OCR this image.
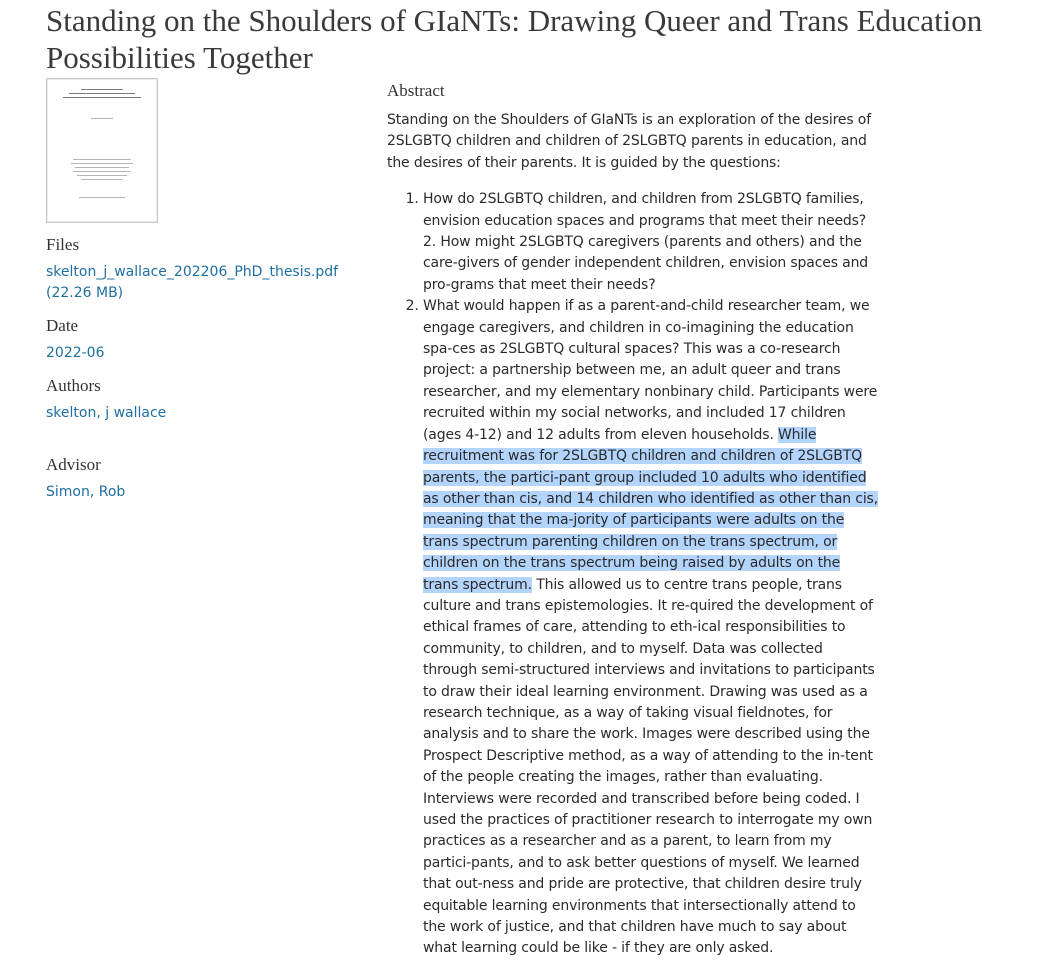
Standing on the Shoulders of GIaNTs: Drawing Queer and Trans Education Possibilities Together
Files
skelton_j_wallace_202206_PhD_thesis.pdf
(22.26 MB)
Date
2022-06
Authors
skelton, j wallace
Advisor
Simon, Rob
Abstract

Standing on the Shoulders of GIaNTs is an exploration of the desires of 2SLGBTQ children and children of 2SLGBTQ parents in education, and the desires of their parents. It is guided by the questions:

1. How do 2SLGBTQ children, and children from 2SLGBTQ families, envision education spaces and programs that meet their needs?2. How might 2SLGBTQ caregivers (parents and others) and the care-givers of gender independent children, envision spaces and pro-grams that meet their needs?
2. What would happen if as a parent-and-child researcher team, we engage caregivers, and children in co-imagining the education spa-ces as 2SLGBTQ cultural spaces? This was a co-research project: a partnership between me, an adult queer and trans researcher, and my elementary nonbinary child. Participants were recruited within my social networks, and included 17 children (ages 4-12) and 12 adults from eleven households. While recruitment was for 2SLGBTQ children and children of 2SLGBTQ parents, the partici-pant group included 10 adults who identified as other than cis, and 14 children who identified as other than cis, meaning that the ma-jority of participants were adults on the trans spectrum parenting children on the trans spectrum, or children on the trans spectrum being raised by adults on the trans spectrum. This allowed us to centre trans people, trans culture and trans epistemologies. It re-quired the development of ethical frames of care, attending to eth-ical responsibilities to community, to children, and to myself. Data was collected through semi-structured interviews and invitations to participants to draw their ideal learning environment. Drawing was used as a research technique, as a way of taking visual fieldnotes, for analysis and to share the work. Images were described using the Prospect Descriptive method, as a way of attending to the in-tent of the people creating the images, rather than evaluating. Interviews were recorded and transcribed before being coded. I used the practices of practitioner research to interrogate my own practices as a researcher and as a parent, to learn from my partici-pants, and to ask better questions of myself. We learned that out-ness and pride are protective, that children desire truly equitable learning environments that intersectionally attend to the work of justice, and that children have much to say about what learning could be like - if they are only asked.
